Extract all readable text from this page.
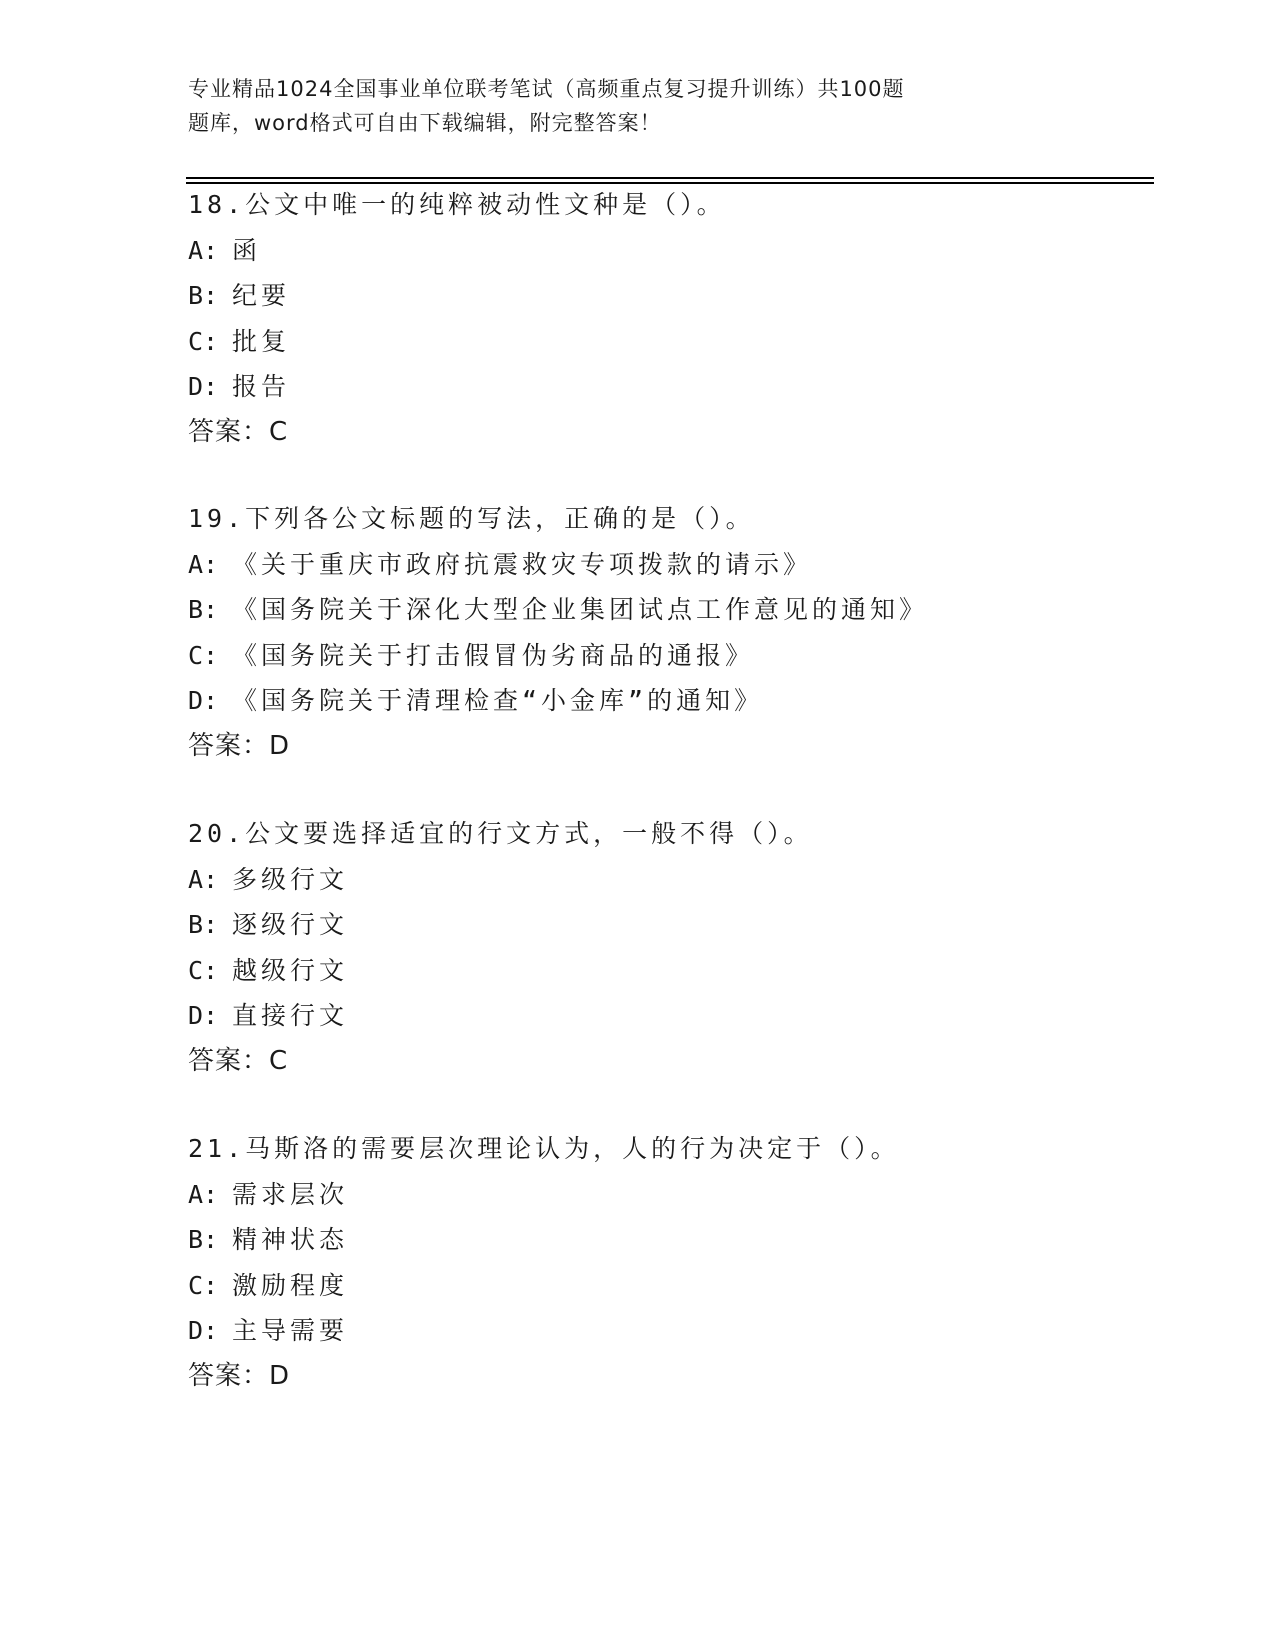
专业精品1024全国事业单位联考笔试（高频重点复习提升训练）共100题
题库，word格式可自由下载编辑，附完整答案！
18.公文中唯一的纯粹被动性文种是（）。
A: 函
B: 纪要
C: 批复
D: 报告
答案：C
19.下列各公文标题的写法，正确的是（）。
A: 《关于重庆市政府抗震救灾专项拨款的请示》
B: 《国务院关于深化大型企业集团试点工作意见的通知》
C: 《国务院关于打击假冒伪劣商品的通报》
D: 《国务院关于清理检查“小金库”的通知》
答案：D
20.公文要选择适宜的行文方式，一般不得（）。
A: 多级行文
B: 逐级行文
C: 越级行文
D: 直接行文
答案：C
21.马斯洛的需要层次理论认为，人的行为决定于（）。
A: 需求层次
B: 精神状态
C: 激励程度
D: 主导需要
答案：D
